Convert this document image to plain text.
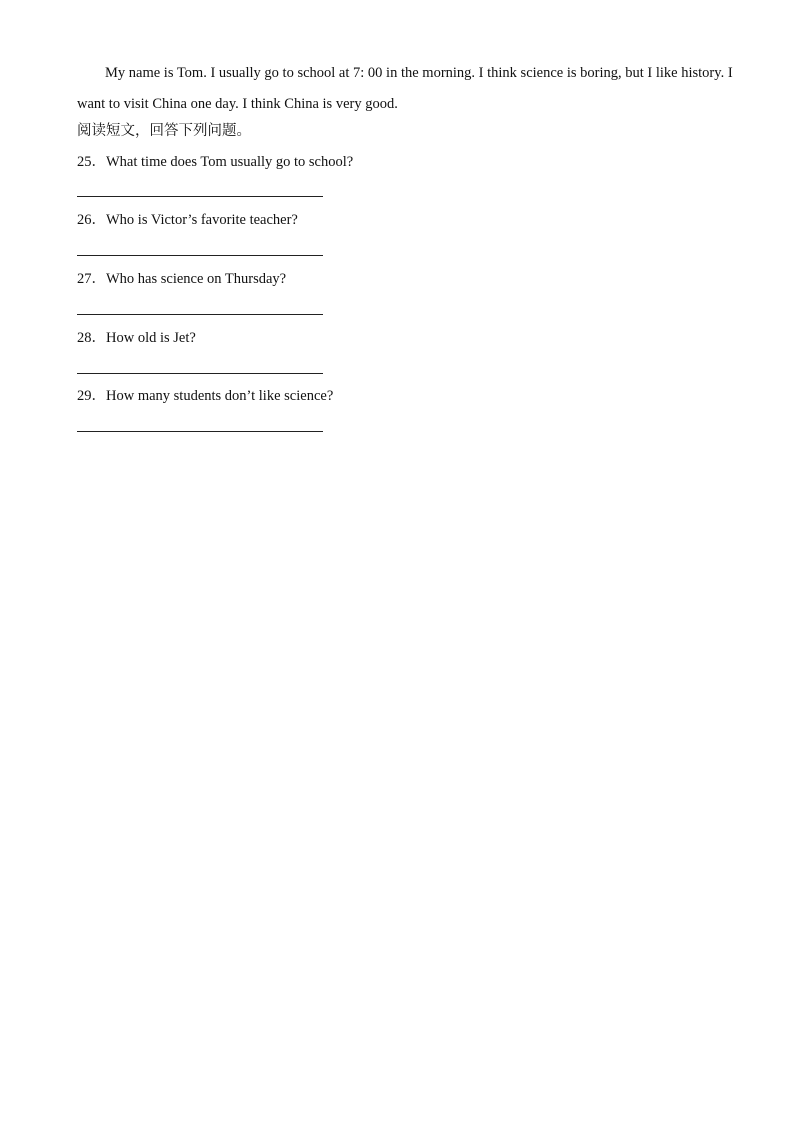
My name is Tom. I usually go to school at 7: 00 in the morning. I think science is boring, but I like history. I want to visit China one day. I think China is very good.

阅读短文，回答下列问题。
25．What time does Tom usually go to school?
26．Who is Victor’s favorite teacher?
27．Who has science on Thursday?
28．How old is Jet?
29．How many students don’t like science?
